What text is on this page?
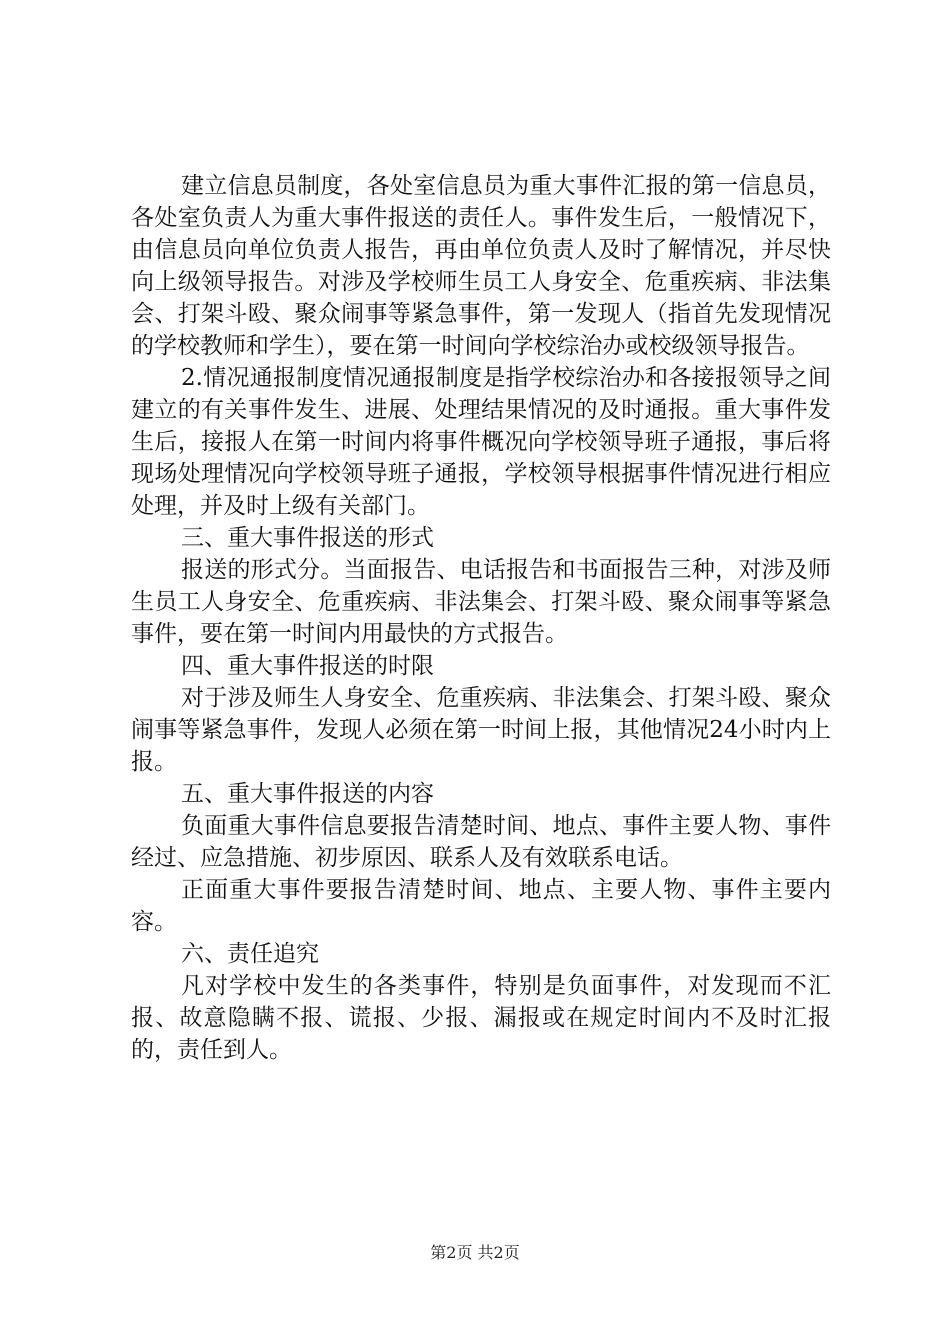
建立信息员制度，各处室信息员为重大事件汇报的第一信息员，各处室负责人为重大事件报送的责任人。事件发生后，一般情况下，由信息员向单位负责人报告，再由单位负责人及时了解情况，并尽快向上级领导报告。对涉及学校师生员工人身安全、危重疾病、非法集会、打架斗殴、聚众闹事等紧急事件，第一发现人（指首先发现情况的学校教师和学生），要在第一时间向学校综治办或校级领导报告。

2.情况通报制度情况通报制度是指学校综治办和各接报领导之间建立的有关事件发生、进展、处理结果情况的及时通报。重大事件发生后，接报人在第一时间内将事件概况向学校领导班子通报，事后将现场处理情况向学校领导班子通报，学校领导根据事件情况进行相应处理，并及时上级有关部门。

三、重大事件报送的形式

报送的形式分。当面报告、电话报告和书面报告三种，对涉及师生员工人身安全、危重疾病、非法集会、打架斗殴、聚众闹事等紧急事件，要在第一时间内用最快的方式报告。

四、重大事件报送的时限

对于涉及师生人身安全、危重疾病、非法集会、打架斗殴、聚众闹事等紧急事件，发现人必须在第一时间上报，其他情况24小时内上报。

五、重大事件报送的内容

负面重大事件信息要报告清楚时间、地点、事件主要人物、事件经过、应急措施、初步原因、联系人及有效联系电话。

正面重大事件要报告清楚时间、地点、主要人物、事件主要内容。

六、责任追究

凡对学校中发生的各类事件，特别是负面事件，对发现而不汇报、故意隐瞒不报、谎报、少报、漏报或在规定时间内不及时汇报的，责任到人。

第2页 共2页
